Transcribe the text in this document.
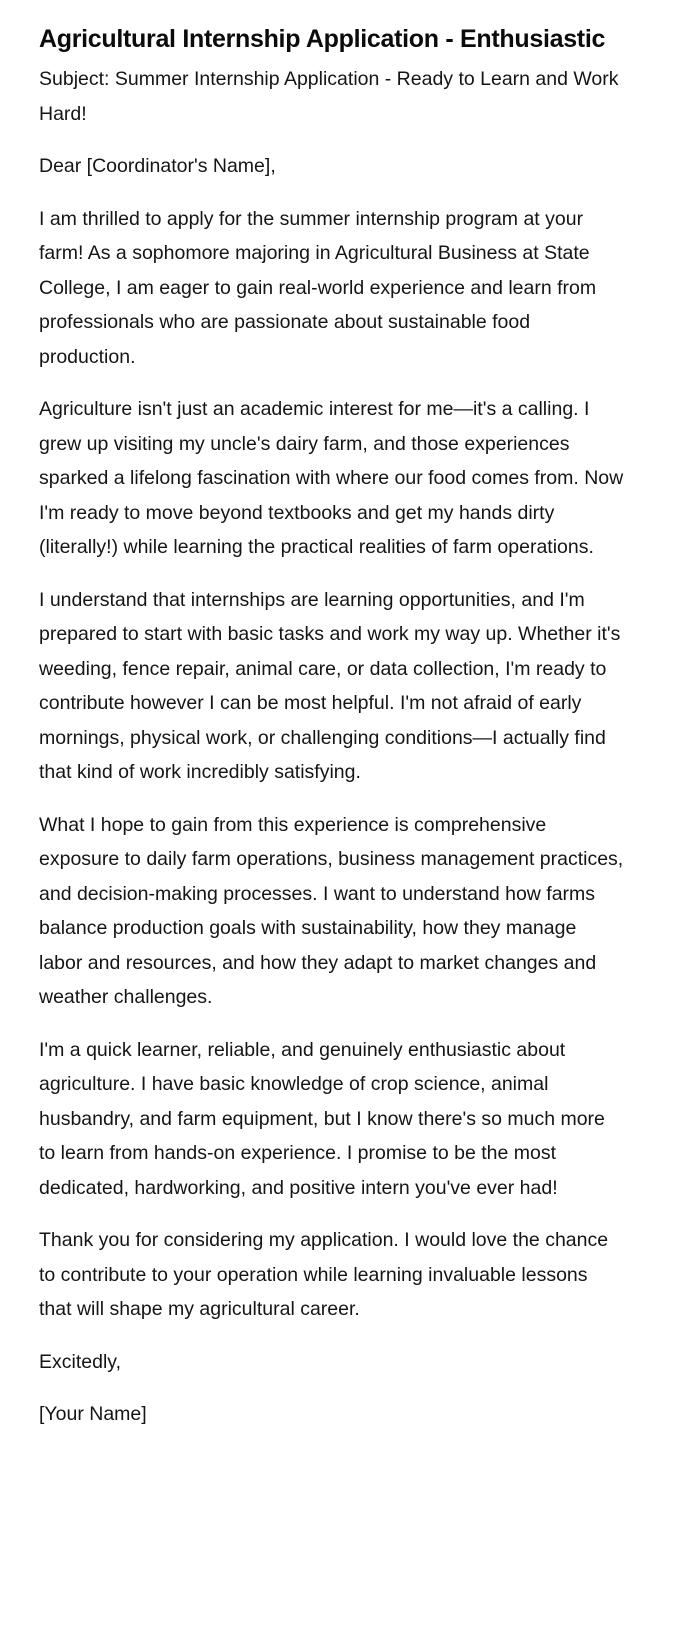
Agricultural Internship Application - Enthusiastic

Subject: Summer Internship Application - Ready to Learn and Work Hard!

Dear [Coordinator's Name],

I am thrilled to apply for the summer internship program at your farm! As a sophomore majoring in Agricultural Business at State College, I am eager to gain real-world experience and learn from professionals who are passionate about sustainable food production.

Agriculture isn't just an academic interest for me—it's a calling. I grew up visiting my uncle's dairy farm, and those experiences sparked a lifelong fascination with where our food comes from. Now I'm ready to move beyond textbooks and get my hands dirty (literally!) while learning the practical realities of farm operations.

I understand that internships are learning opportunities, and I'm prepared to start with basic tasks and work my way up. Whether it's weeding, fence repair, animal care, or data collection, I'm ready to contribute however I can be most helpful. I'm not afraid of early mornings, physical work, or challenging conditions—I actually find that kind of work incredibly satisfying.

What I hope to gain from this experience is comprehensive exposure to daily farm operations, business management practices, and decision-making processes. I want to understand how farms balance production goals with sustainability, how they manage labor and resources, and how they adapt to market changes and weather challenges.

I'm a quick learner, reliable, and genuinely enthusiastic about agriculture. I have basic knowledge of crop science, animal husbandry, and farm equipment, but I know there's so much more to learn from hands-on experience. I promise to be the most dedicated, hardworking, and positive intern you've ever had!

Thank you for considering my application. I would love the chance to contribute to your operation while learning invaluable lessons that will shape my agricultural career.

Excitedly,

[Your Name]
